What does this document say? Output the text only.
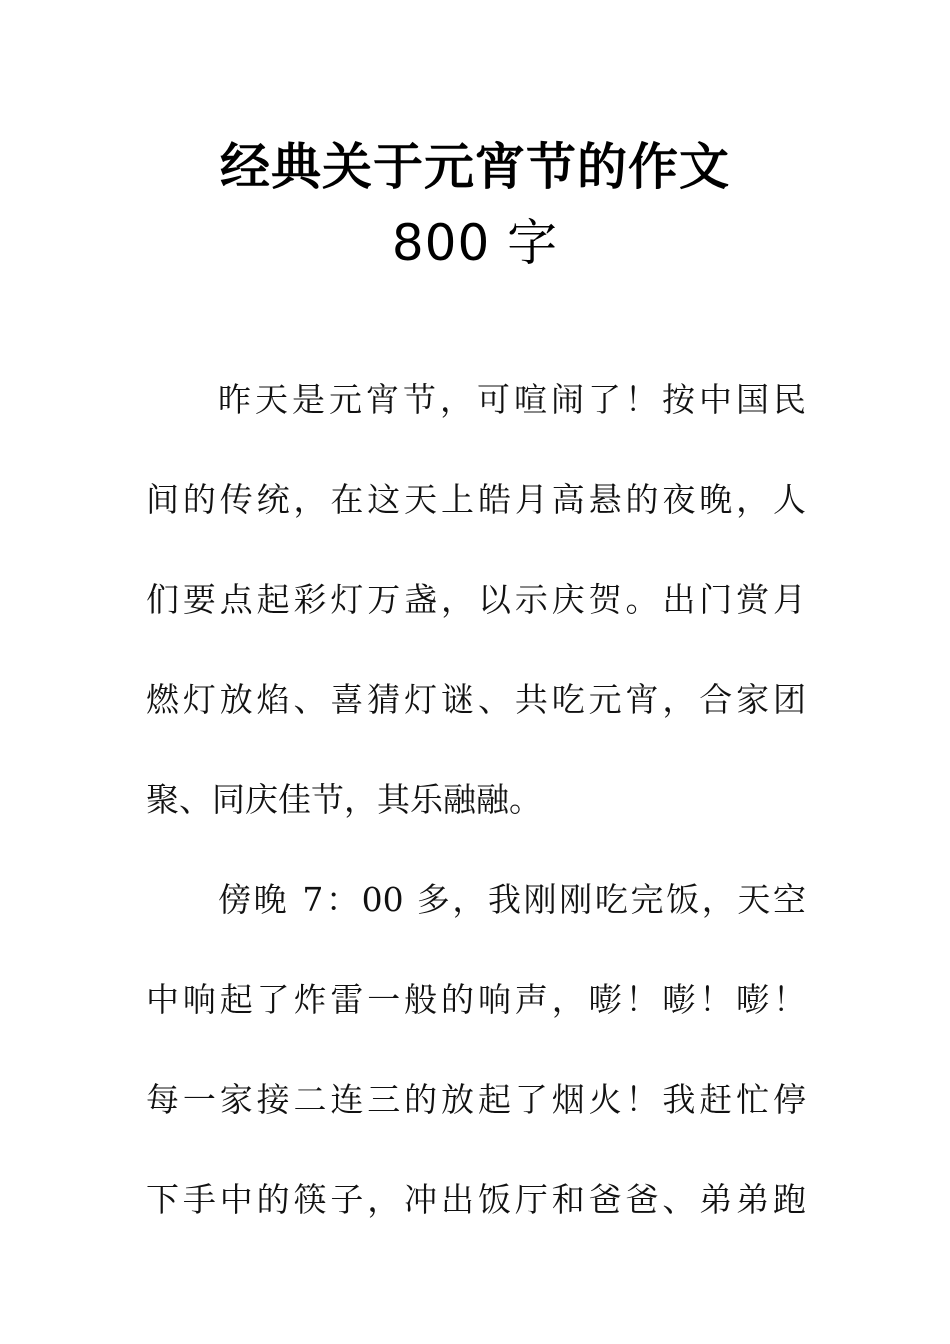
经典关于元宵节的作文
800 字
昨天是元宵节，可喧闹了！按中国民
间的传统，在这天上皓月高悬的夜晚，人
们要点起彩灯万盏，以示庆贺。出门赏月
燃灯放焰、喜猜灯谜、共吃元宵，合家团
聚、同庆佳节，其乐融融。
傍晚 7：00 多，我刚刚吃完饭，天空
中响起了炸雷一般的响声，嘭！嘭！嘭！
每一家接二连三的放起了烟火！我赶忙停
下手中的筷子，冲出饭厅和爸爸、弟弟跑
